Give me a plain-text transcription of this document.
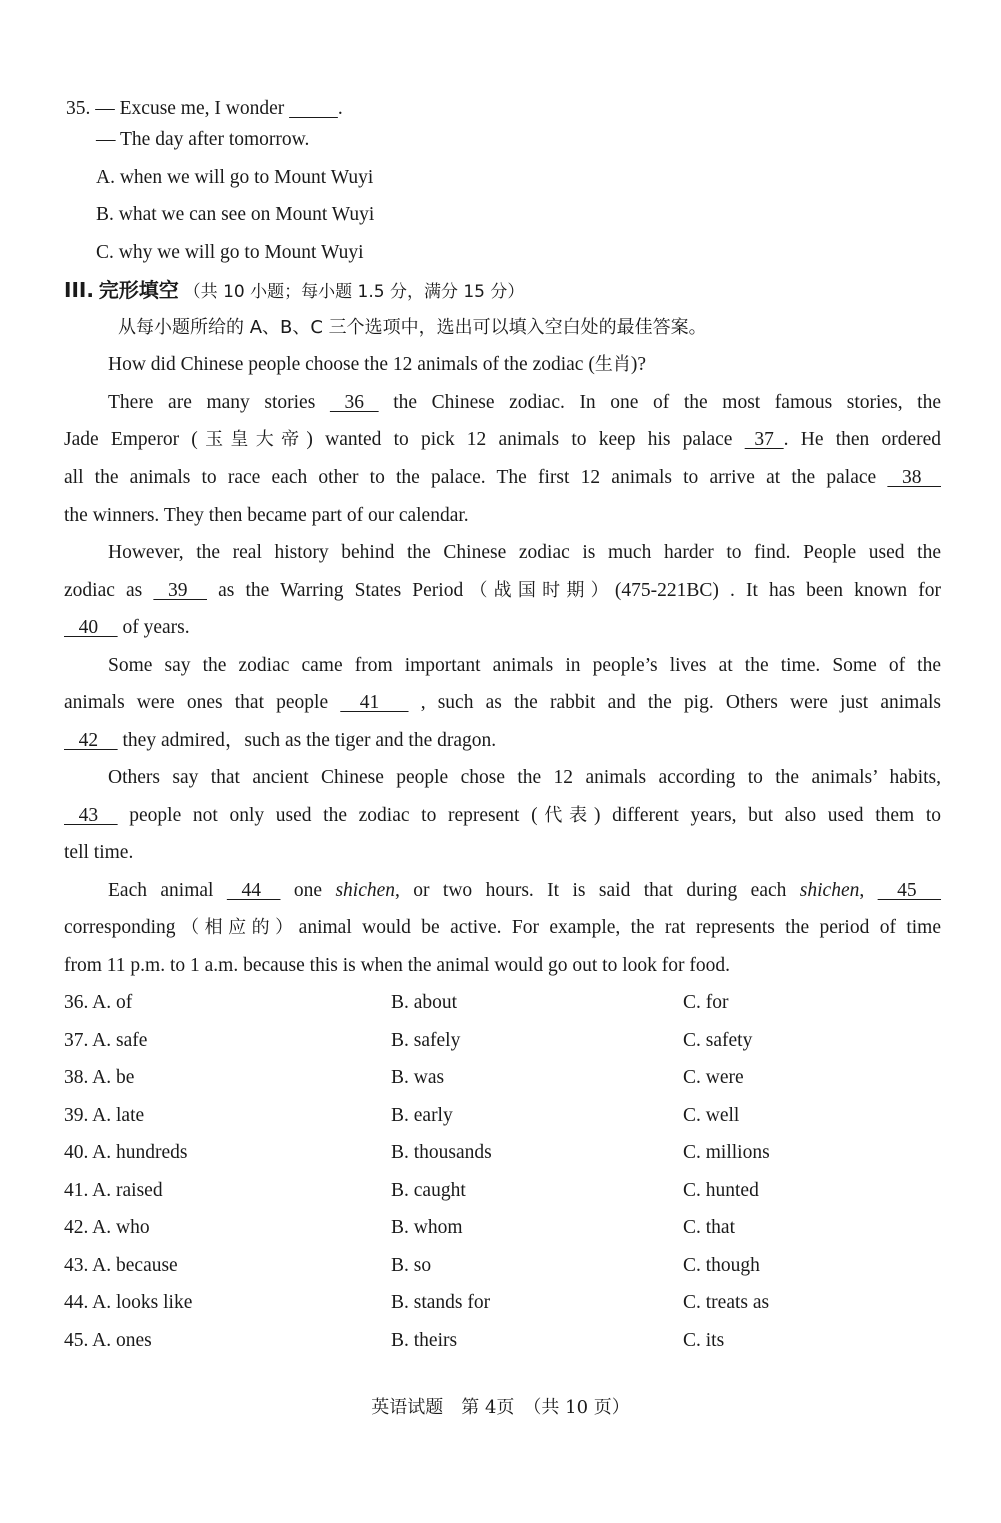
35. — Excuse me, I wonder	.
— The day after tomorrow.
A. when we will go to Mount Wuyi
B. what we can see on Mount Wuyi
C. why we will go to Mount Wuyi
III. 完形填空 （共 10 小题；每小题 1.5 分，满分 15 分）
从每小题所给的 A、B、C 三个选项中，选出可以填入空白处的最佳答案。
How did Chinese people choose the 12 animals of the zodiac (生肖)?
There are many stories    36    the Chinese zodiac. In one of the most famous stories, the
Jade Emperor (玉皇大帝) wanted to pick 12 animals to keep his palace   37  . He then ordered
all the animals to race each other to the palace. The first 12 animals to arrive at the palace    38
the winners. They then became part of our calendar.
However, the real history behind the Chinese zodiac is much harder to find. People used the
zodiac as    39     as the Warring States Period（战国时期）(475-221BC) . It has been known for
40     of years.
Some say the zodiac came from important animals in people’s lives at the time. Some of the
animals were ones that people     41       , such as the rabbit and the pig. Others were just animals
42     they admired，such as the tiger and the dragon.
Others say that ancient Chinese people chose the 12 animals according to the animals’ habits,
43     people not only used the zodiac to represent (代表) different years, but also used them to
tell time.
Each animal    44     one shichen, or two hours. It is said that during each shichen,     45
corresponding（相应的）animal would be active. For example, the rat represents the period of time
from 11 p.m. to 1 a.m. because this is when the animal would go out to look for food.
36. A. of	B. about	C. for
37. A. safe	B. safely	C. safety
38. A. be	B. was	C. were
39. A. late	B. early	C. well
40. A. hundreds	B. thousands	C. millions
41. A. raised	B. caught	C. hunted
42. A. who	B. whom	C. that
43. A. because	B. so	C. though
44. A. looks like	B. stands for	C. treats as
45. A. ones	B. theirs	C. its
英语试题　第 4页　（共 10 页）
